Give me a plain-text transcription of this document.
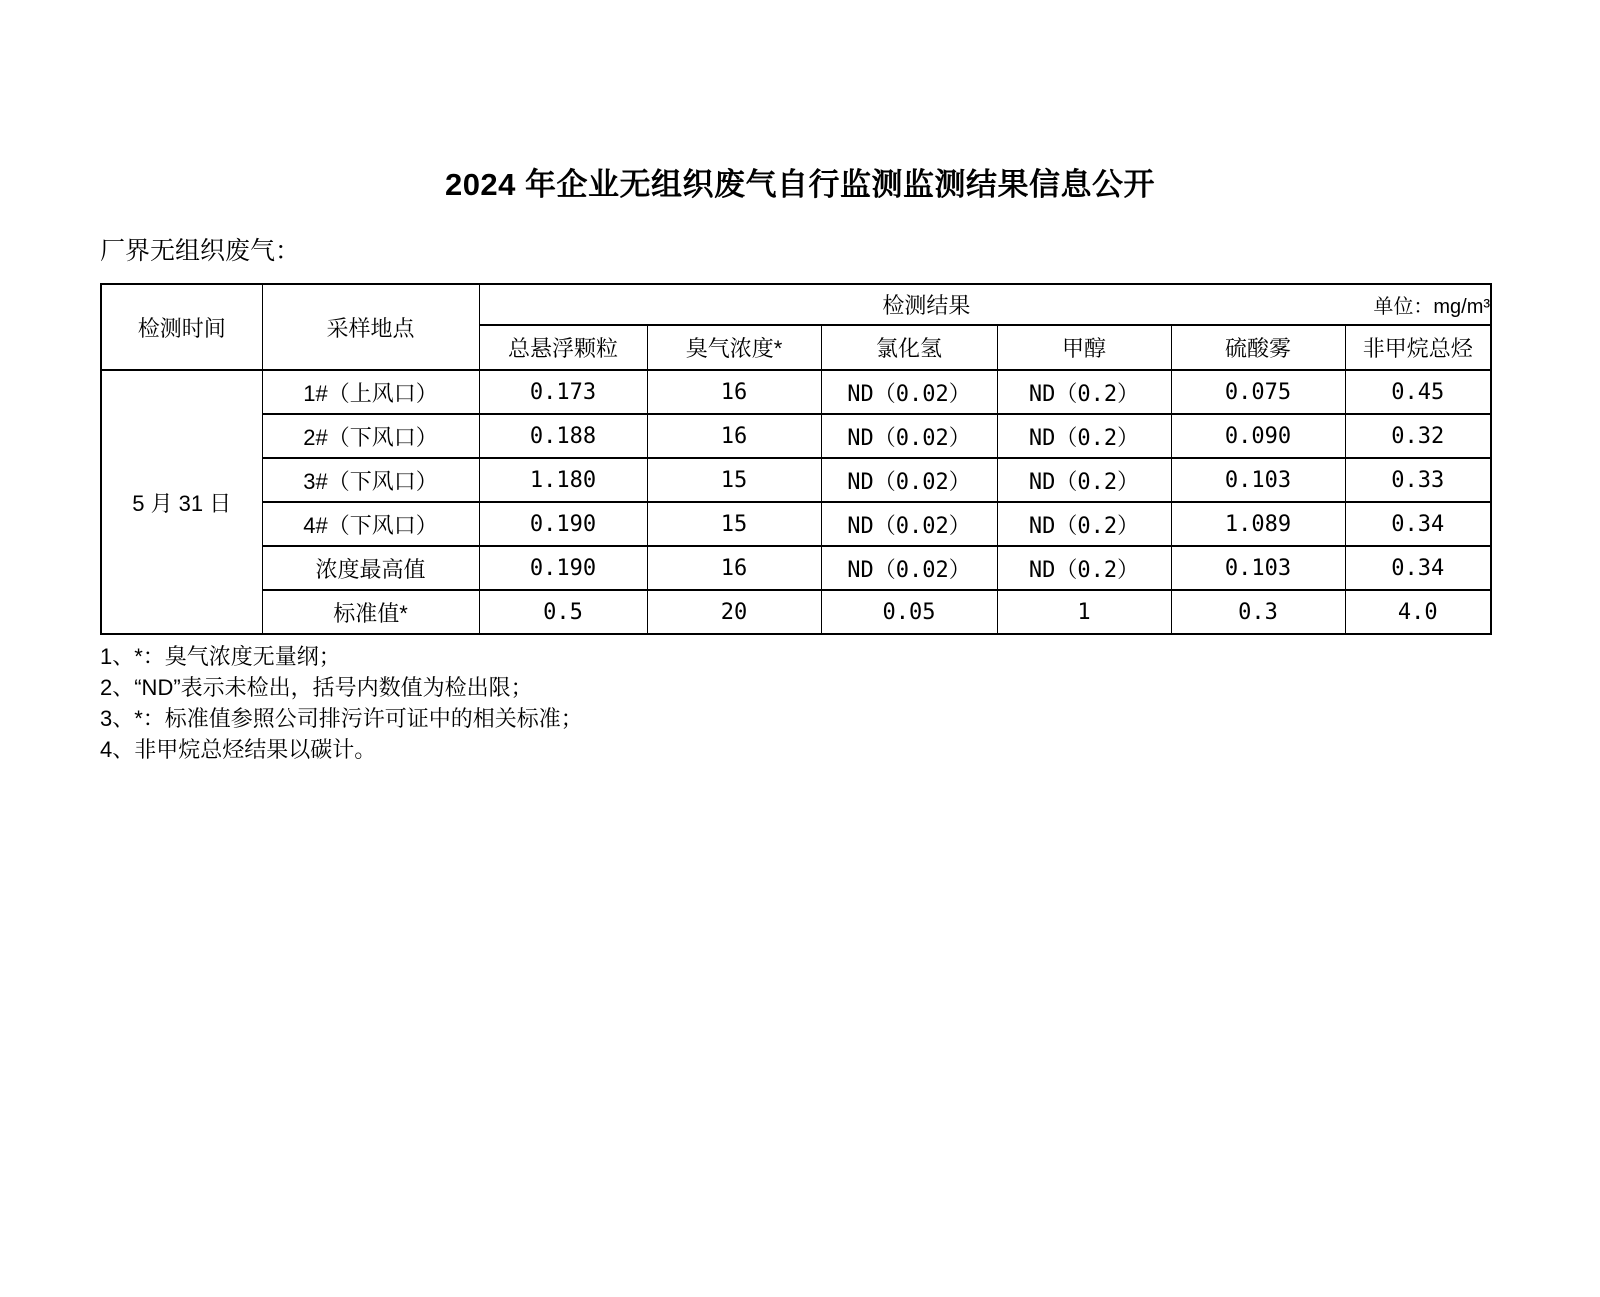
2024 年企业无组织废气自行监测监测结果信息公开
厂界无组织废气：
检测时间	采样地点	检测结果 单位：mg/m³					

		总悬浮颗粒	臭气浓度*	氯化氢	甲醇	硫酸雾	非甲烷总烃
5 月 31 日	1#（上风口）	0.173	16	ND（0.02）	ND（0.2）	0.075	0.45
	2#（下风口）	0.188	16	ND（0.02）	ND（0.2）	0.090	0.32
	3#（下风口）	1.180	15	ND（0.02）	ND（0.2）	0.103	0.33
	4#（下风口）	0.190	15	ND（0.02）	ND（0.2）	1.089	0.34
	浓度最高值	0.190	16	ND（0.02）	ND（0.2）	0.103	0.34
	标准值*	0.5	20	0.05	1	0.3	4.0
1、*：臭气浓度无量纲；
2、“ND”表示未检出，括号内数值为检出限；
3、*：标准值参照公司排污许可证中的相关标准；
4、非甲烷总烃结果以碳计。
